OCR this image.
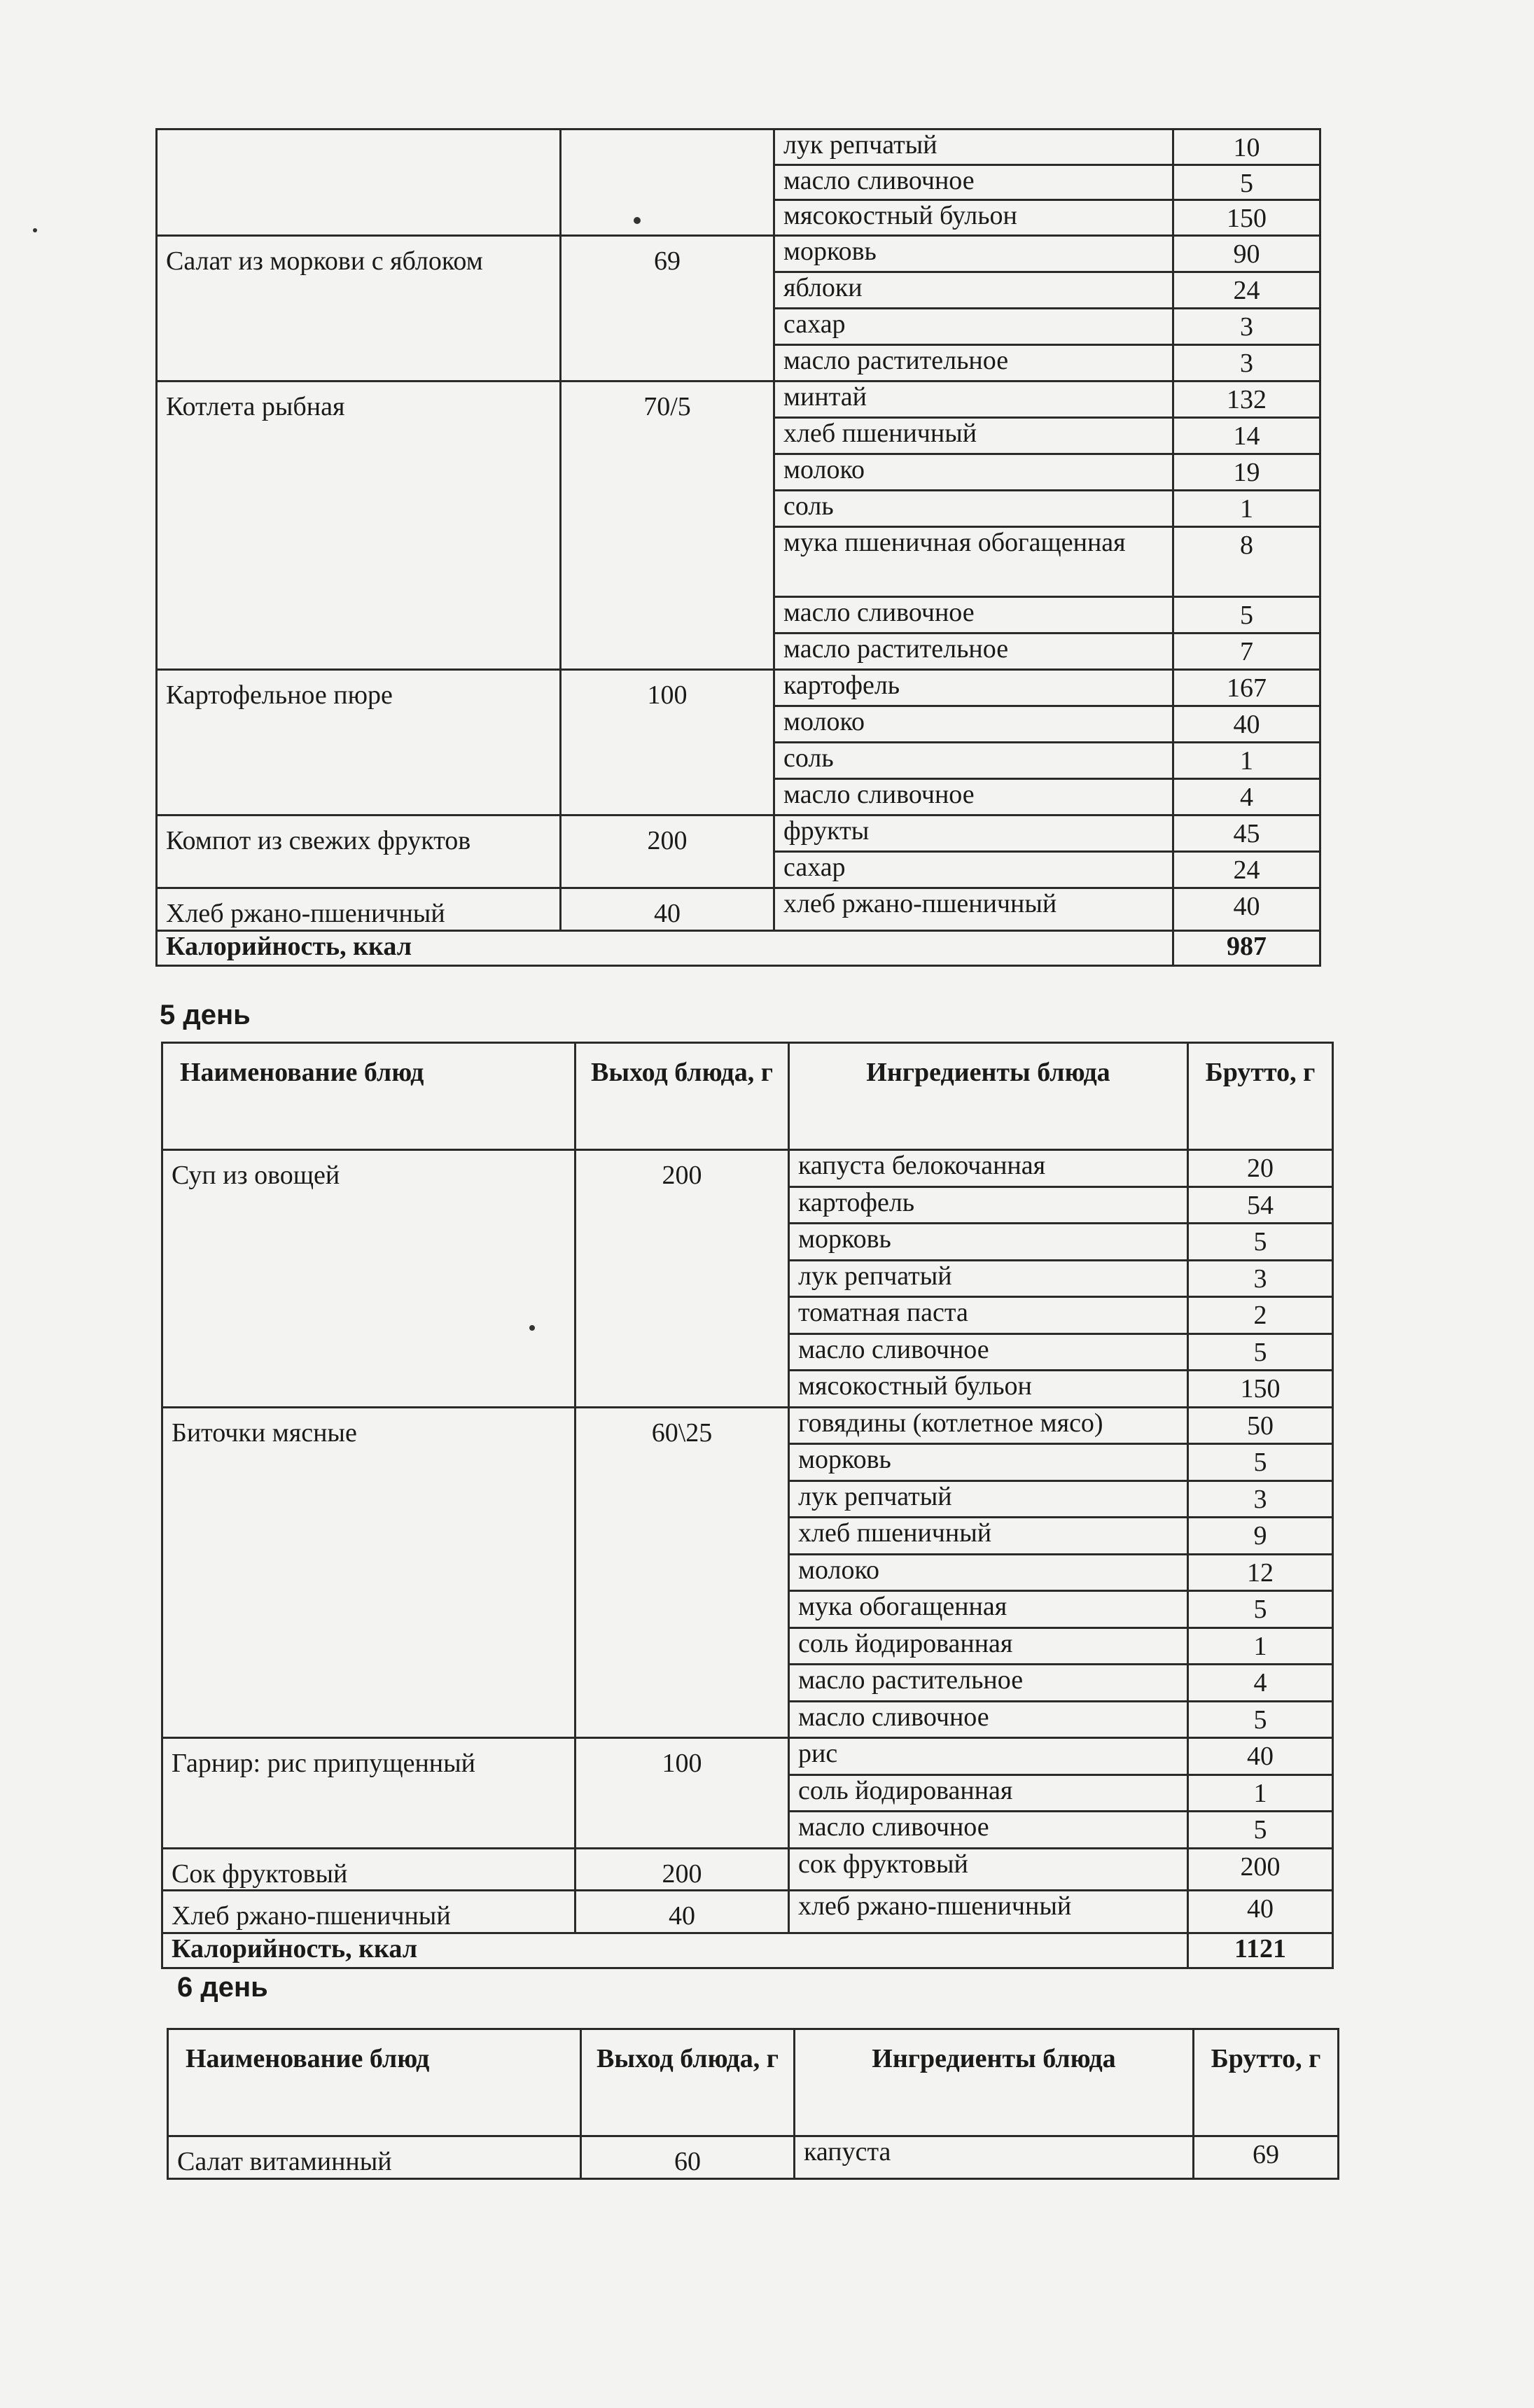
		лук репчатый	10
		масло сливочное	5
		мясокостный бульон	150
Салат из моркови с яблоком	69	морковь	90
		яблоки	24
		сахар	3
		масло растительное	3
Котлета рыбная	70/5	минтай	132
		хлеб пшеничный	14
		молоко	19
		соль	1
		мука пшеничная обогащенная	8
		масло сливочное	5
		масло растительное	7
Картофельное пюре	100	картофель	167
		молоко	40
		соль	1
		масло сливочное	4
Компот из свежих фруктов	200	фрукты	45
		сахар	24
Хлеб ржано-пшеничный	40	хлеб ржано-пшеничный	40
Калорийность, ккал			987
5 день
Наименование блюд	Выход блюда, г	Ингредиенты блюда	Брутто, г
Суп из овощей	200	капуста белокочанная	20
		картофель	54
		морковь	5
		лук репчатый	3
		томатная паста	2
		масло сливочное	5
		мясокостный бульон	150
Биточки мясные	60\25	говядины (котлетное мясо)	50
		морковь	5
		лук репчатый	3
		хлеб пшеничный	9
		молоко	12
		мука обогащенная	5
		соль йодированная	1
		масло растительное	4
		масло сливочное	5
Гарнир: рис припущенный	100	рис	40
		соль йодированная	1
		масло сливочное	5
Сок фруктовый	200	сок фруктовый	200
Хлеб ржано-пшеничный	40	хлеб ржано-пшеничный	40
Калорийность, ккал			1121
6 день
Наименование блюд	Выход блюда, г	Ингредиенты блюда	Брутто, г
Салат витаминный	60	капуста	69
